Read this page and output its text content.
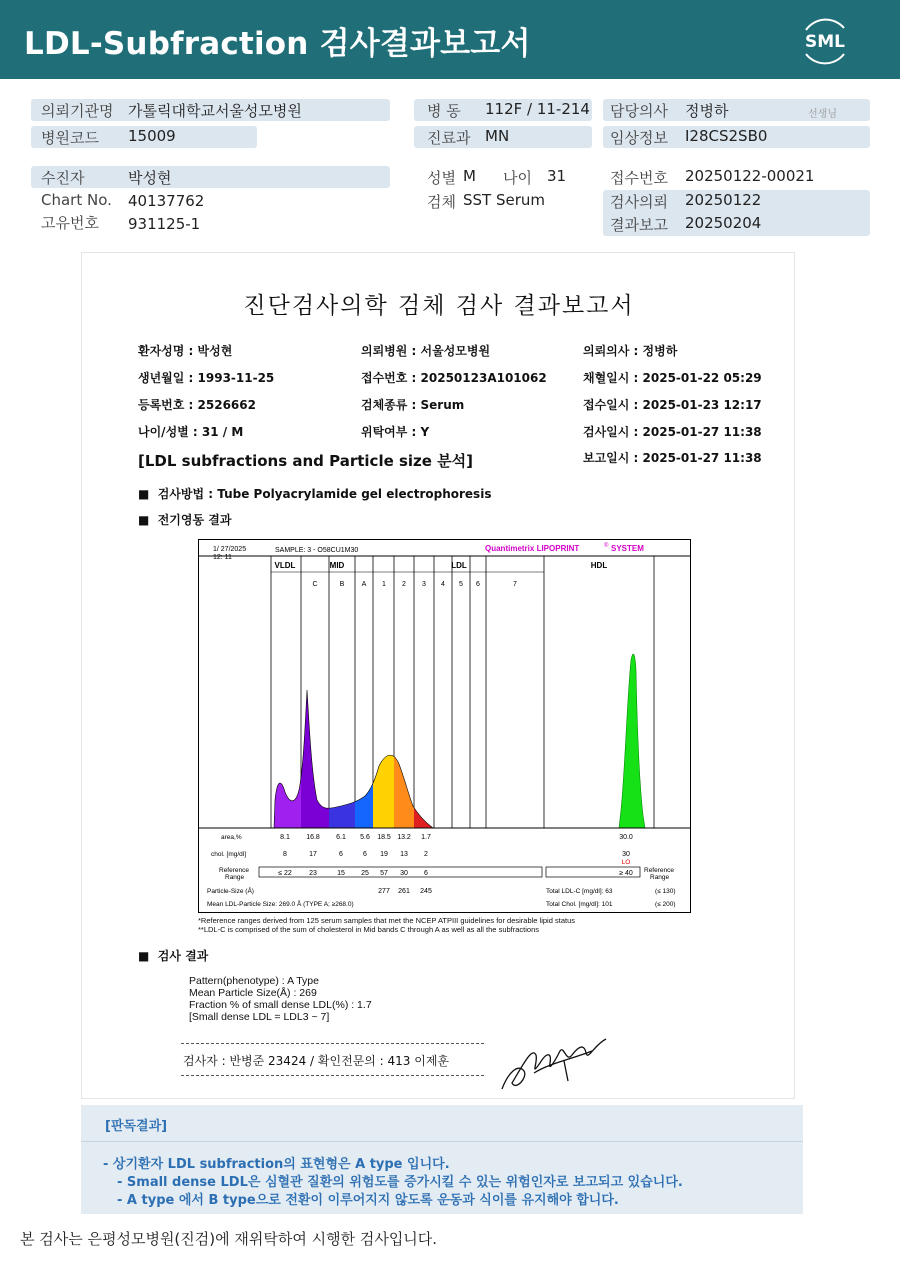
LDL-Subfraction 검사결과보고서	SML
의뢰기관명 가톨릭대학교서울성모병원
병원코드 15009
병 동 112F / 11-214
진료과 MN
담당의사 정병하	선생님
임상정보 I28CS2SB0
수진자	박성현
Chart No. 40137762
고유번호 931125-1
성별 M 나이 31
검체 SST Serum
접수번호 20250122-00021
검사의뢰 20250122
결과보고 20250204
진단검사의학 검체 검사 결과보고서
환자성명 : 박성현
생년월일 : 1993-11-25
등록번호 : 2526662
나이/성별 : 31 / M
의뢰병원 : 서울성모병원
접수번호 : 20250123A101062
검체종류 : Serum
위탁여부 : Y
의뢰의사 : 정병하
채혈일시 : 2025-01-22 05:29
접수일시 : 2025-01-23 12:17
검사일시 : 2025-01-27 11:38
보고일시 : 2025-01-27 11:38
[LDL subfractions and Particle size 분석]
■  검사방법 : Tube Polyacrylamide gel electrophoresis
■  전기영동 결과
1/ 27/2025
12: 11
SAMPLE: 3 - O58CU1M30	Quantimetrix LIPOPRINT	® SYSTEM
VLDL	MID	LDL	HDL
C	B A 1 2 3 4 5 6	7
area,%	8.1 16.8 6.1 5.6 18.5 13.2 1.7	30.0
chol. [mg/dl]	8	17	6	6 19 13 2	30
LO
Reference
Range
≤ 22 23	15 25 57 30 6	≥ 40 Reference
Range
Particle-Size (Å)	277 261 245
Mean LDL-Particle Size: 269.0 Å (TYPE A; ≥268.0)
Total LDL-C [mg/dl]: 63	(≤ 130)
Total Chol. [mg/dl]: 101	(≤ 200)
*Reference ranges derived from 125 serum samples that met the NCEP ATPIII guidelines for desirable lipid status
**LDL-C is comprised of the sum of cholesterol in Mid bands C through A as well as all the subfractions
■  검사 결과
Pattern(phenotype) : A Type
Mean Particle Size(Å) : 269
Fraction % of small dense LDL(%) : 1.7
[Small dense LDL = LDL3 ~ 7]
검사자 : 반병준 23424 / 확인전문의 : 413 이제훈
[판독결과]
- 상기환자 LDL subfraction의 표현형은 A type 입니다.
- Small dense LDL은 심혈관 질환의 위험도를 증가시킬 수 있는 위험인자로 보고되고 있습니다.
- A type 에서 B type으로 전환이 이루어지지 않도록 운동과 식이를 유지해야 합니다.
본 검사는 은평성모병원(진검)에 재위탁하여 시행한 검사입니다.
